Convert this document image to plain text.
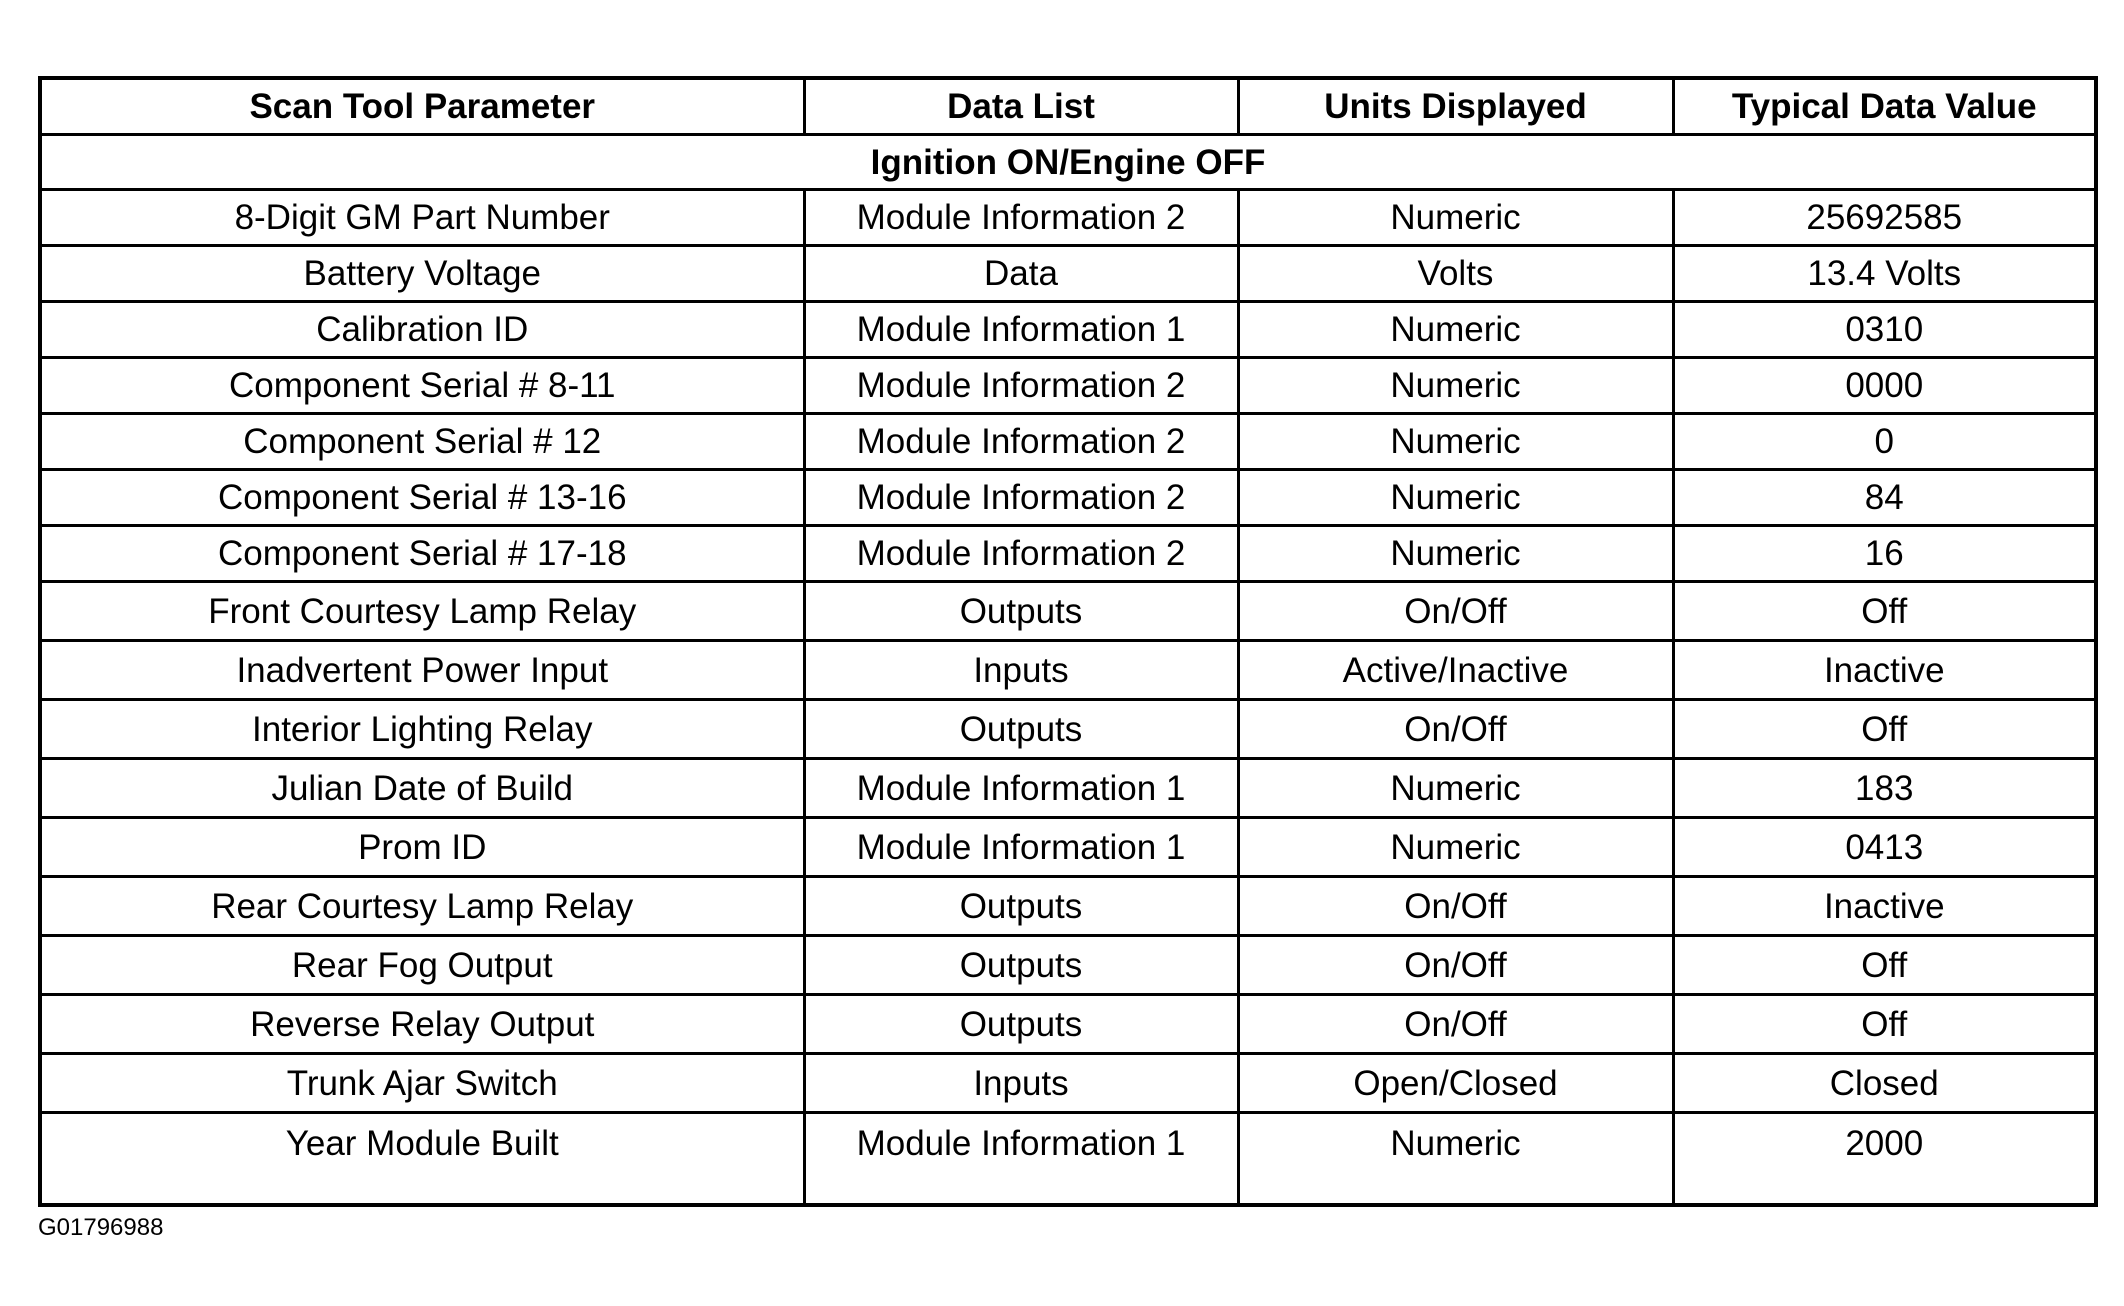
Scan Tool Parameter	Data List	Units Displayed	Typical Data Value
Ignition ON/Engine OFF			
8-Digit GM Part Number	Module Information 2	Numeric	25692585
Battery Voltage	Data	Volts	13.4 Volts
Calibration ID	Module Information 1	Numeric	0310
Component Serial # 8-11	Module Information 2	Numeric	0000
Component Serial # 12	Module Information 2	Numeric	0
Component Serial # 13-16	Module Information 2	Numeric	84
Component Serial # 17-18	Module Information 2	Numeric	16
Front Courtesy Lamp Relay	Outputs	On/Off	Off
Inadvertent Power Input	Inputs	Active/Inactive	Inactive
Interior Lighting Relay	Outputs	On/Off	Off
Julian Date of Build	Module Information 1	Numeric	183
Prom ID	Module Information 1	Numeric	0413
Rear Courtesy Lamp Relay	Outputs	On/Off	Inactive
Rear Fog Output	Outputs	On/Off	Off
Reverse Relay Output	Outputs	On/Off	Off
Trunk Ajar Switch	Inputs	Open/Closed	Closed
Year Module Built	Module Information 1	Numeric	2000
G01796988
